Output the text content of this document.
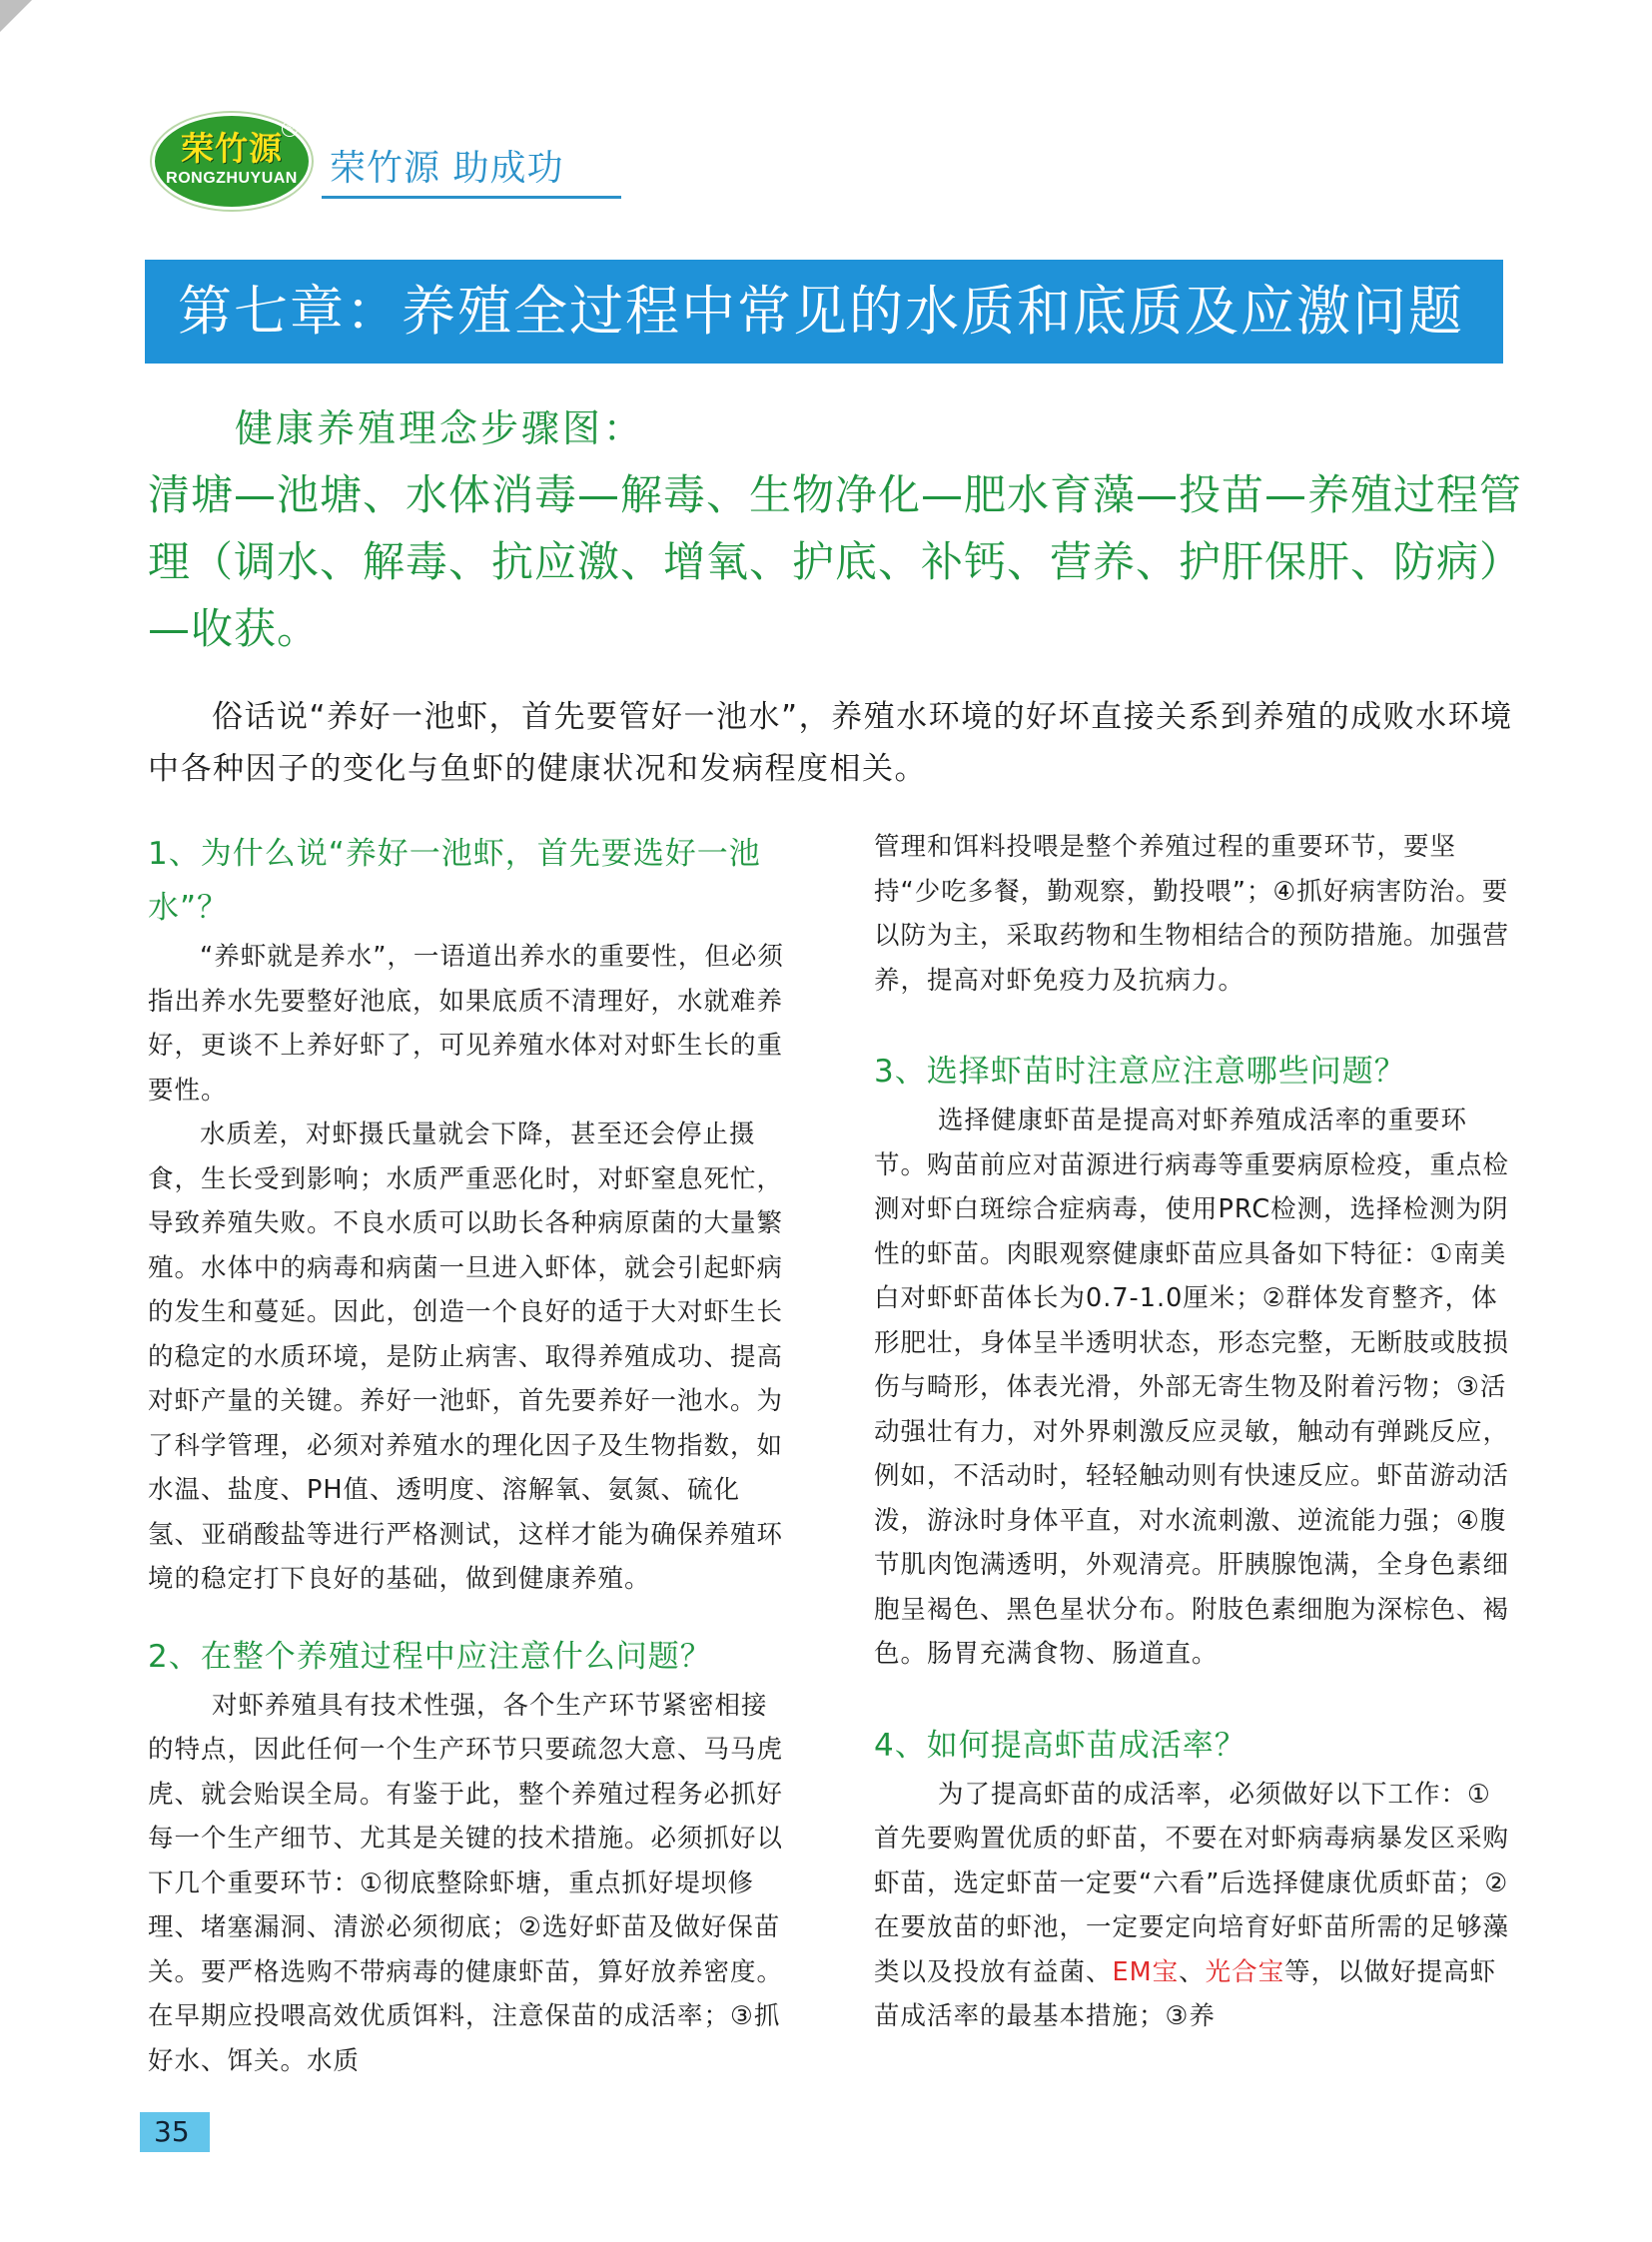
荣竹源
®
RONGZHUYUAN 荣竹源 助成功
第七章：养殖全过程中常见的水质和底质及应激问题
健康养殖理念步骤图：
清塘—池塘、水体消毒—解毒、生物净化—肥水育藻—投苗—养殖过程管理（调水、解毒、抗应激、增氧、护底、补钙、营养、护肝保肝、防病）—收获。
俗话说“养好一池虾，首先要管好一池水”，养殖水环境的好坏直接关系到养殖的成败水环境中各种因子的变化与鱼虾的健康状况和发病程度相关。

1、为什么说“养好一池虾，首先要选好一池水”？

“养虾就是养水”，一语道出养水的重要性，但必须指出养水先要整好池底，如果底质不清理好，水就难养好，更谈不上养好虾了，可见养殖水体对对虾生长的重要性。

水质差，对虾摄氏量就会下降，甚至还会停止摄食，生长受到影响；水质严重恶化时，对虾窒息死忙，导致养殖失败。不良水质可以助长各种病原菌的大量繁殖。水体中的病毒和病菌一旦进入虾体，就会引起虾病的发生和蔓延。因此，创造一个良好的适于大对虾生长的稳定的水质环境，是防止病害、取得养殖成功、提高对虾产量的关键。养好一池虾，首先要养好一池水。为了科学管理，必须对养殖水的理化因子及生物指数，如水温、盐度、PH值、透明度、溶解氧、氨氮、硫化氢、亚硝酸盐等进行严格测试，这样才能为确保养殖环境的稳定打下良好的基础，做到健康养殖。

2、在整个养殖过程中应注意什么问题？

对虾养殖具有技术性强，各个生产环节紧密相接的特点，因此任何一个生产环节只要疏忽大意、马马虎虎、就会贻误全局。有鉴于此，整个养殖过程务必抓好每一个生产细节、尤其是关键的技术措施。必须抓好以下几个重要环节：①彻底整除虾塘，重点抓好堤坝修理、堵塞漏洞、清淤必须彻底；②选好虾苗及做好保苗关。要严格选购不带病毒的健康虾苗，算好放养密度。在早期应投喂高效优质饵料，注意保苗的成活率；③抓好水、饵关。水质

管理和饵料投喂是整个养殖过程的重要环节，要坚持“少吃多餐，勤观察，勤投喂”；④抓好病害防治。要以防为主，采取药物和生物相结合的预防措施。加强营养，提高对虾免疫力及抗病力。

3、选择虾苗时注意应注意哪些问题？

选择健康虾苗是提高对虾养殖成活率的重要环节。购苗前应对苗源进行病毒等重要病原检疫，重点检测对虾白斑综合症病毒，使用PRC检测，选择检测为阴性的虾苗。肉眼观察健康虾苗应具备如下特征：①南美白对虾虾苗体长为0.7-1.0厘米；②群体发育整齐，体形肥壮，身体呈半透明状态，形态完整，无断肢或肢损伤与畸形，体表光滑，外部无寄生物及附着污物；③活动强壮有力，对外界刺激反应灵敏，触动有弹跳反应，例如，不活动时，轻轻触动则有快速反应。虾苗游动活泼，游泳时身体平直，对水流刺激、逆流能力强；④腹节肌肉饱满透明，外观清亮。肝胰腺饱满，全身色素细胞呈褐色、黑色星状分布。附肢色素细胞为深棕色、褐色。肠胃充满食物、肠道直。

4、如何提高虾苗成活率？

为了提高虾苗的成活率，必须做好以下工作：①首先要购置优质的虾苗，不要在对虾病毒病暴发区采购虾苗，选定虾苗一定要“六看”后选择健康优质虾苗；②在要放苗的虾池，一定要定向培育好虾苗所需的足够藻类以及投放有益菌、EM宝、光合宝等，以做好提高虾苗成活率的最基本措施；③养

35
